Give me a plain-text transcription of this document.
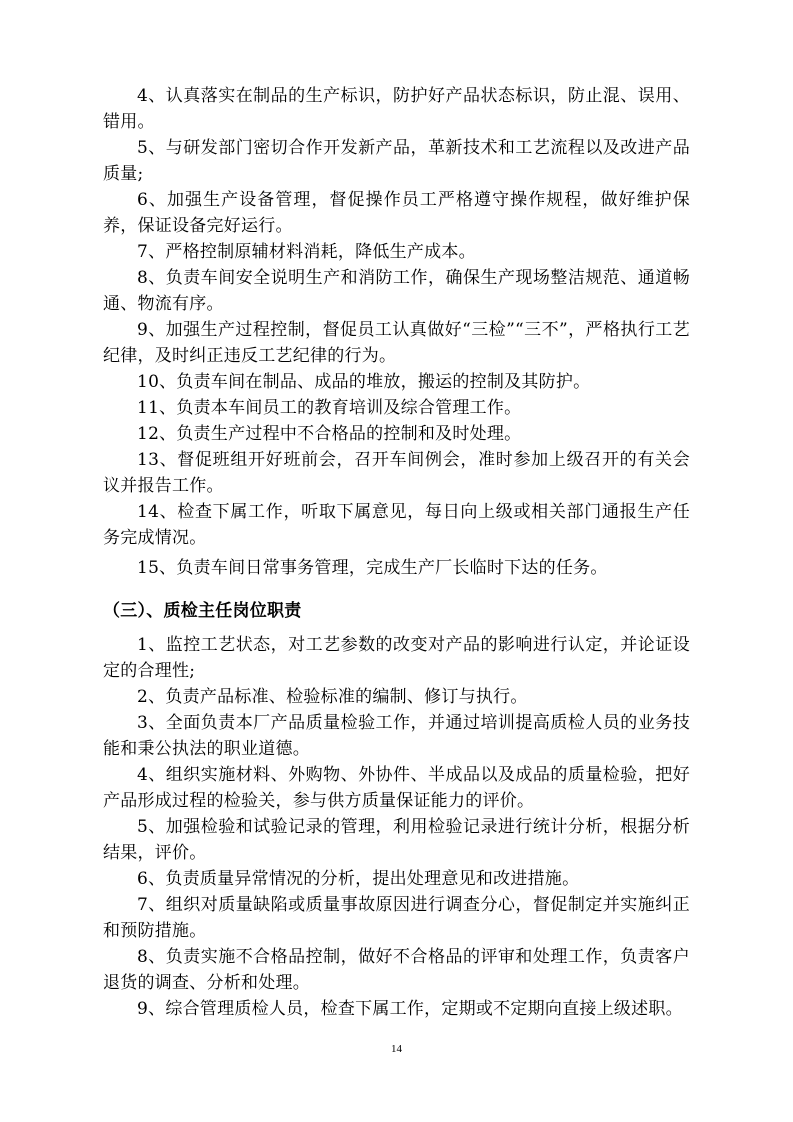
4、认真落实在制品的生产标识，防护好产品状态标识，防止混、误用、错用。

5、与研发部门密切合作开发新产品，革新技术和工艺流程以及改进产品质量;

6、加强生产设备管理，督促操作员工严格遵守操作规程，做好维护保养，保证设备完好运行。

7、严格控制原辅材料消耗，降低生产成本。

8、负责车间安全说明生产和消防工作，确保生产现场整洁规范、通道畅通、物流有序。

9、加强生产过程控制，督促员工认真做好“三检”“三不”，严格执行工艺纪律，及时纠正违反工艺纪律的行为。

10、负责车间在制品、成品的堆放，搬运的控制及其防护。

11、负责本车间员工的教育培训及综合管理工作。

12、负责生产过程中不合格品的控制和及时处理。

13、督促班组开好班前会，召开车间例会，准时参加上级召开的有关会议并报告工作。

14、检查下属工作，听取下属意见，每日向上级或相关部门通报生产任务完成情况。

15、负责车间日常事务管理，完成生产厂长临时下达的任务。

（三）、质检主任岗位职责

1、监控工艺状态，对工艺参数的改变对产品的影响进行认定，并论证设定的合理性;

2、负责产品标准、检验标准的编制、修订与执行。

3、全面负责本厂产品质量检验工作，并通过培训提高质检人员的业务技能和秉公执法的职业道德。

4、组织实施材料、外购物、外协件、半成品以及成品的质量检验，把好产品形成过程的检验关，参与供方质量保证能力的评价。

5、加强检验和试验记录的管理，利用检验记录进行统计分析，根据分析结果，评价。

6、负责质量异常情况的分析，提出处理意见和改进措施。

7、组织对质量缺陷或质量事故原因进行调查分心，督促制定并实施纠正和预防措施。

8、负责实施不合格品控制，做好不合格品的评审和处理工作，负责客户退货的调查、分析和处理。

9、综合管理质检人员，检查下属工作，定期或不定期向直接上级述职。

14
